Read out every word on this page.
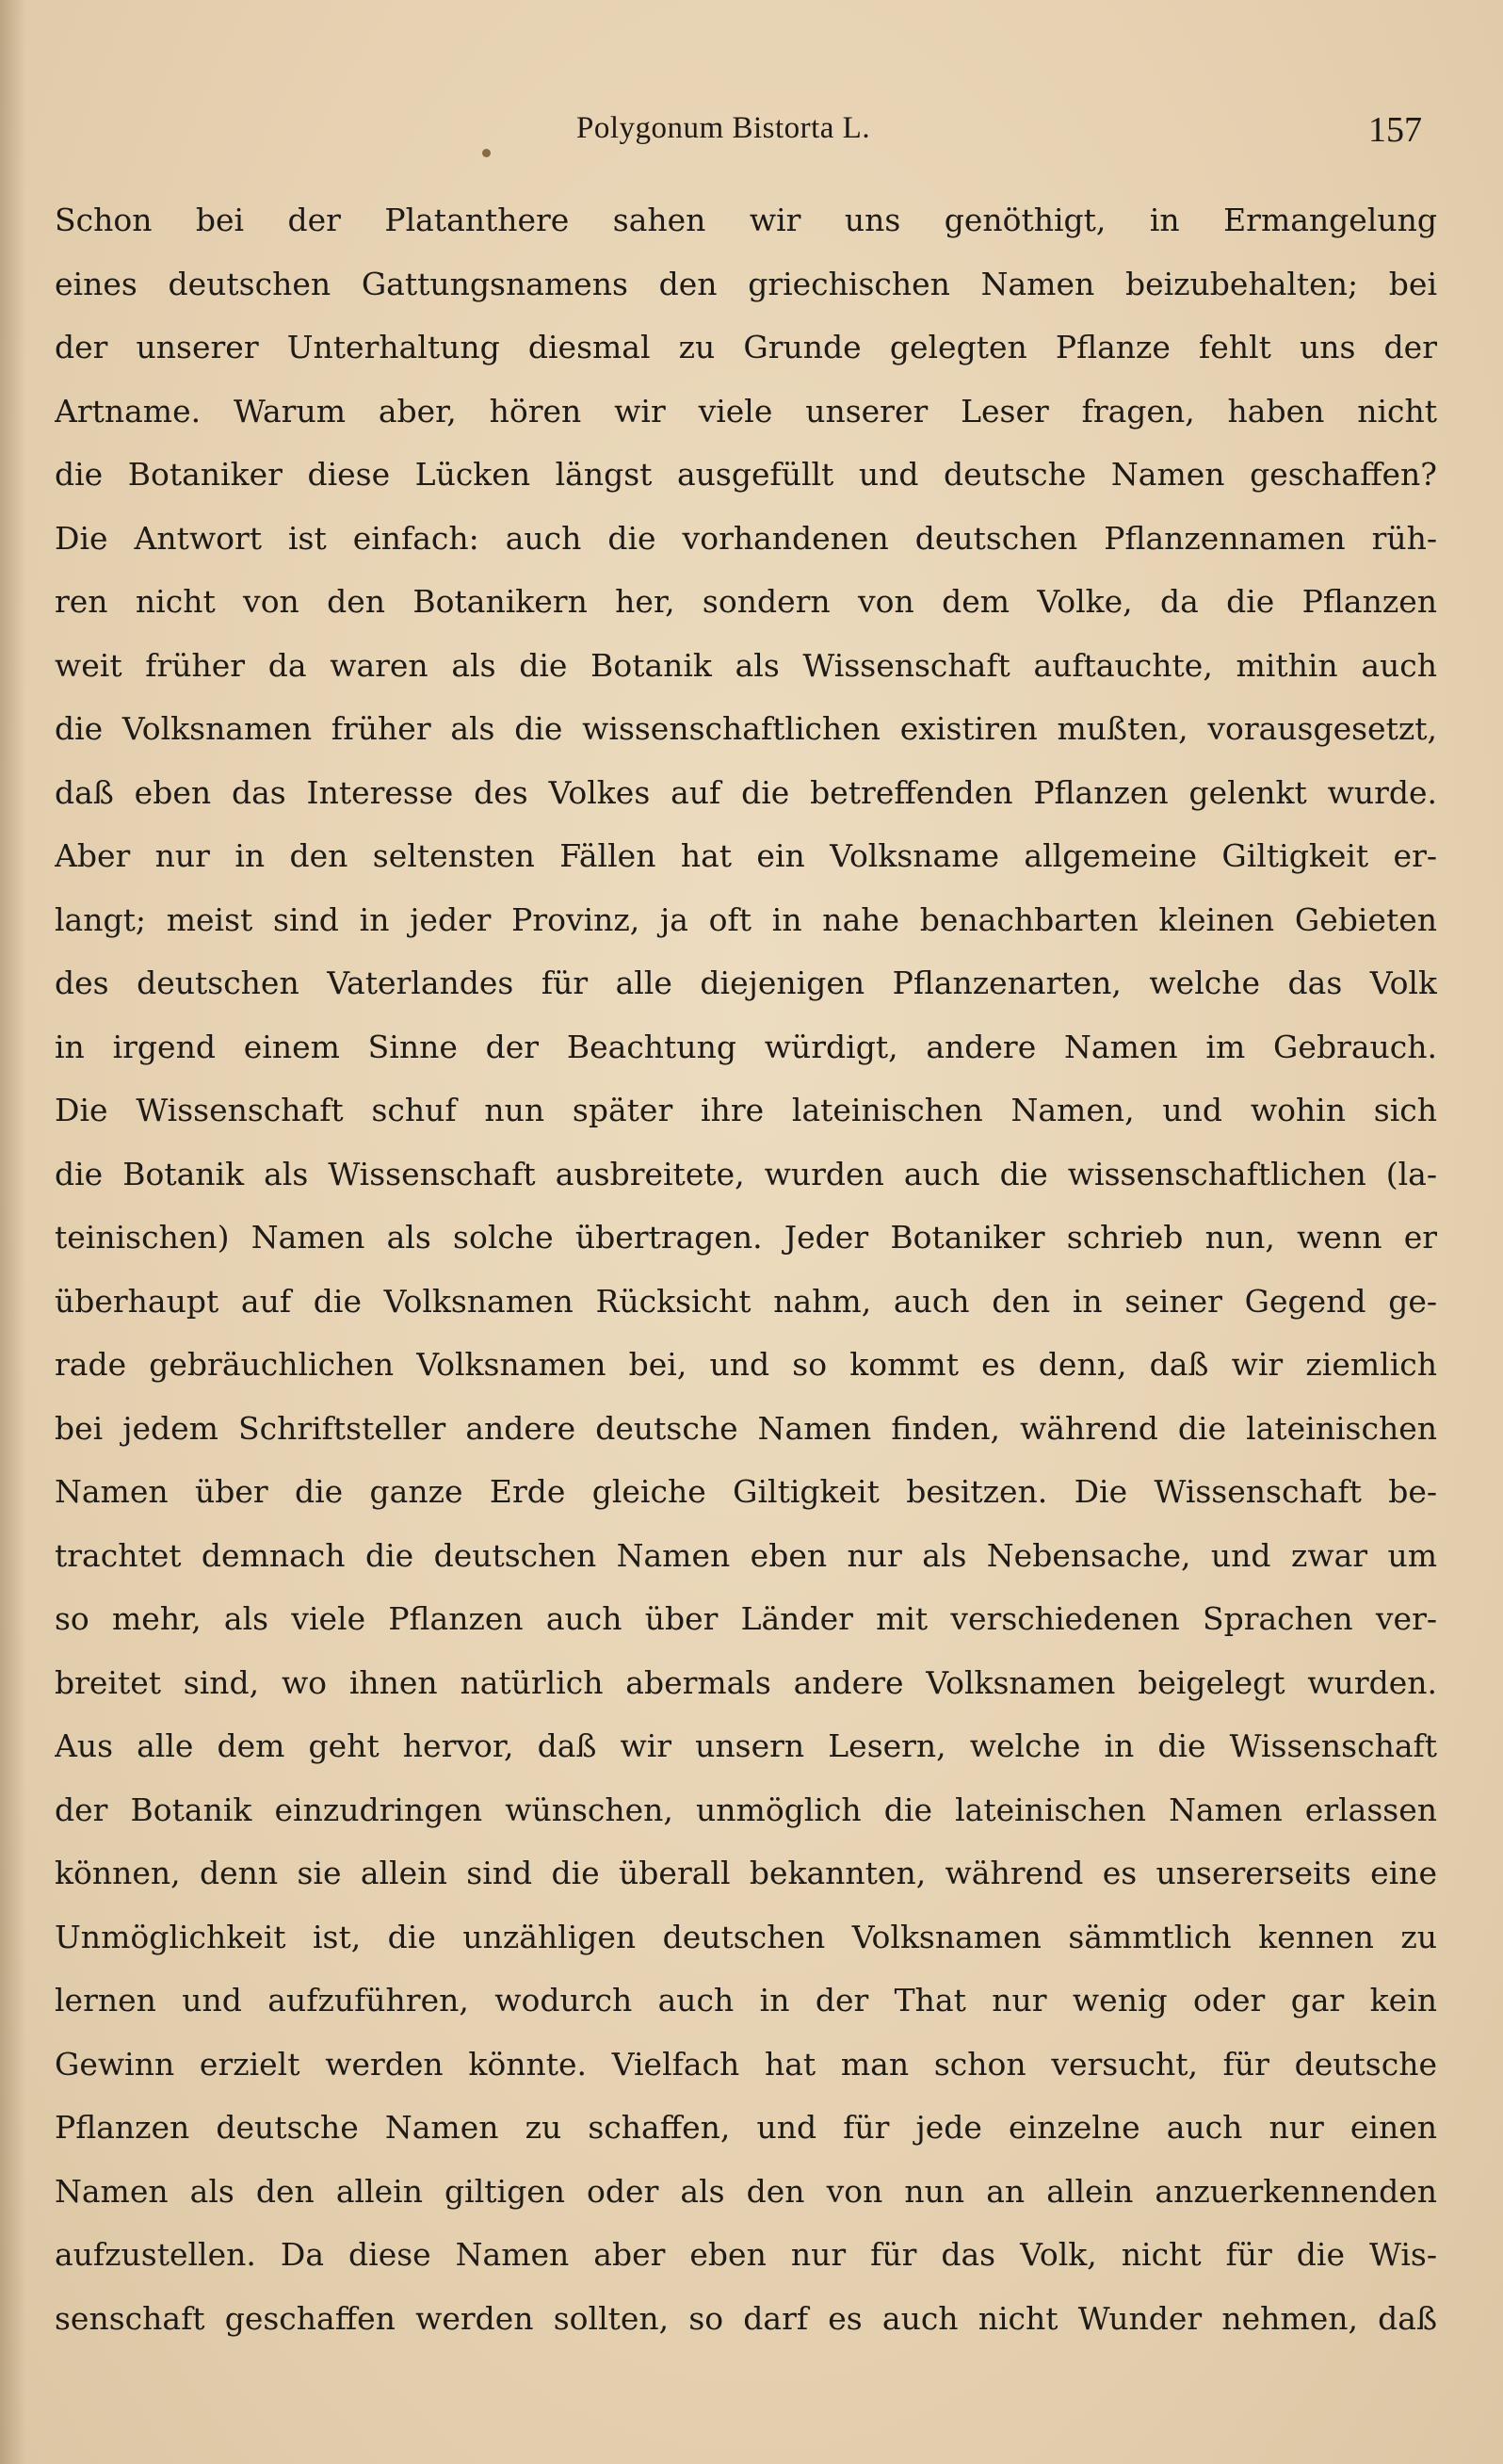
Polygonum Bistorta L.	157
Schon bei der Platanthere sahen wir uns genöthigt, in Ermangelung
eines deutschen Gattungsnamens den griechischen Namen beizubehalten; bei
der unserer Unterhaltung diesmal zu Grunde gelegten Pflanze fehlt uns der
Artname. Warum aber, hören wir viele unserer Leser fragen, haben nicht
die Botaniker diese Lücken längst ausgefüllt und deutsche Namen geschaffen?
Die Antwort ist einfach: auch die vorhandenen deutschen Pflanzennamen rüh-
ren nicht von den Botanikern her, sondern von dem Volke, da die Pflanzen
weit früher da waren als die Botanik als Wissenschaft auftauchte, mithin auch
die Volksnamen früher als die wissenschaftlichen existiren mußten, vorausgesetzt,
daß eben das Interesse des Volkes auf die betreffenden Pflanzen gelenkt wurde.
Aber nur in den seltensten Fällen hat ein Volksname allgemeine Giltigkeit er-
langt; meist sind in jeder Provinz, ja oft in nahe benachbarten kleinen Gebieten
des deutschen Vaterlandes für alle diejenigen Pflanzenarten, welche das Volk
in irgend einem Sinne der Beachtung würdigt, andere Namen im Gebrauch.
Die Wissenschaft schuf nun später ihre lateinischen Namen, und wohin sich
die Botanik als Wissenschaft ausbreitete, wurden auch die wissenschaftlichen (la-
teinischen) Namen als solche übertragen. Jeder Botaniker schrieb nun, wenn er
überhaupt auf die Volksnamen Rücksicht nahm, auch den in seiner Gegend ge-
rade gebräuchlichen Volksnamen bei, und so kommt es denn, daß wir ziemlich
bei jedem Schriftsteller andere deutsche Namen finden, während die lateinischen
Namen über die ganze Erde gleiche Giltigkeit besitzen. Die Wissenschaft be-
trachtet demnach die deutschen Namen eben nur als Nebensache, und zwar um
so mehr, als viele Pflanzen auch über Länder mit verschiedenen Sprachen ver-
breitet sind, wo ihnen natürlich abermals andere Volksnamen beigelegt wurden.
Aus alle dem geht hervor, daß wir unsern Lesern, welche in die Wissenschaft
der Botanik einzudringen wünschen, unmöglich die lateinischen Namen erlassen
können, denn sie allein sind die überall bekannten, während es unsererseits eine
Unmöglichkeit ist, die unzähligen deutschen Volksnamen sämmtlich kennen zu
lernen und aufzuführen, wodurch auch in der That nur wenig oder gar kein
Gewinn erzielt werden könnte. Vielfach hat man schon versucht, für deutsche
Pflanzen deutsche Namen zu schaffen, und für jede einzelne auch nur einen
Namen als den allein giltigen oder als den von nun an allein anzuerkennenden
aufzustellen. Da diese Namen aber eben nur für das Volk, nicht für die Wis-
senschaft geschaffen werden sollten, so darf es auch nicht Wunder nehmen, daß
